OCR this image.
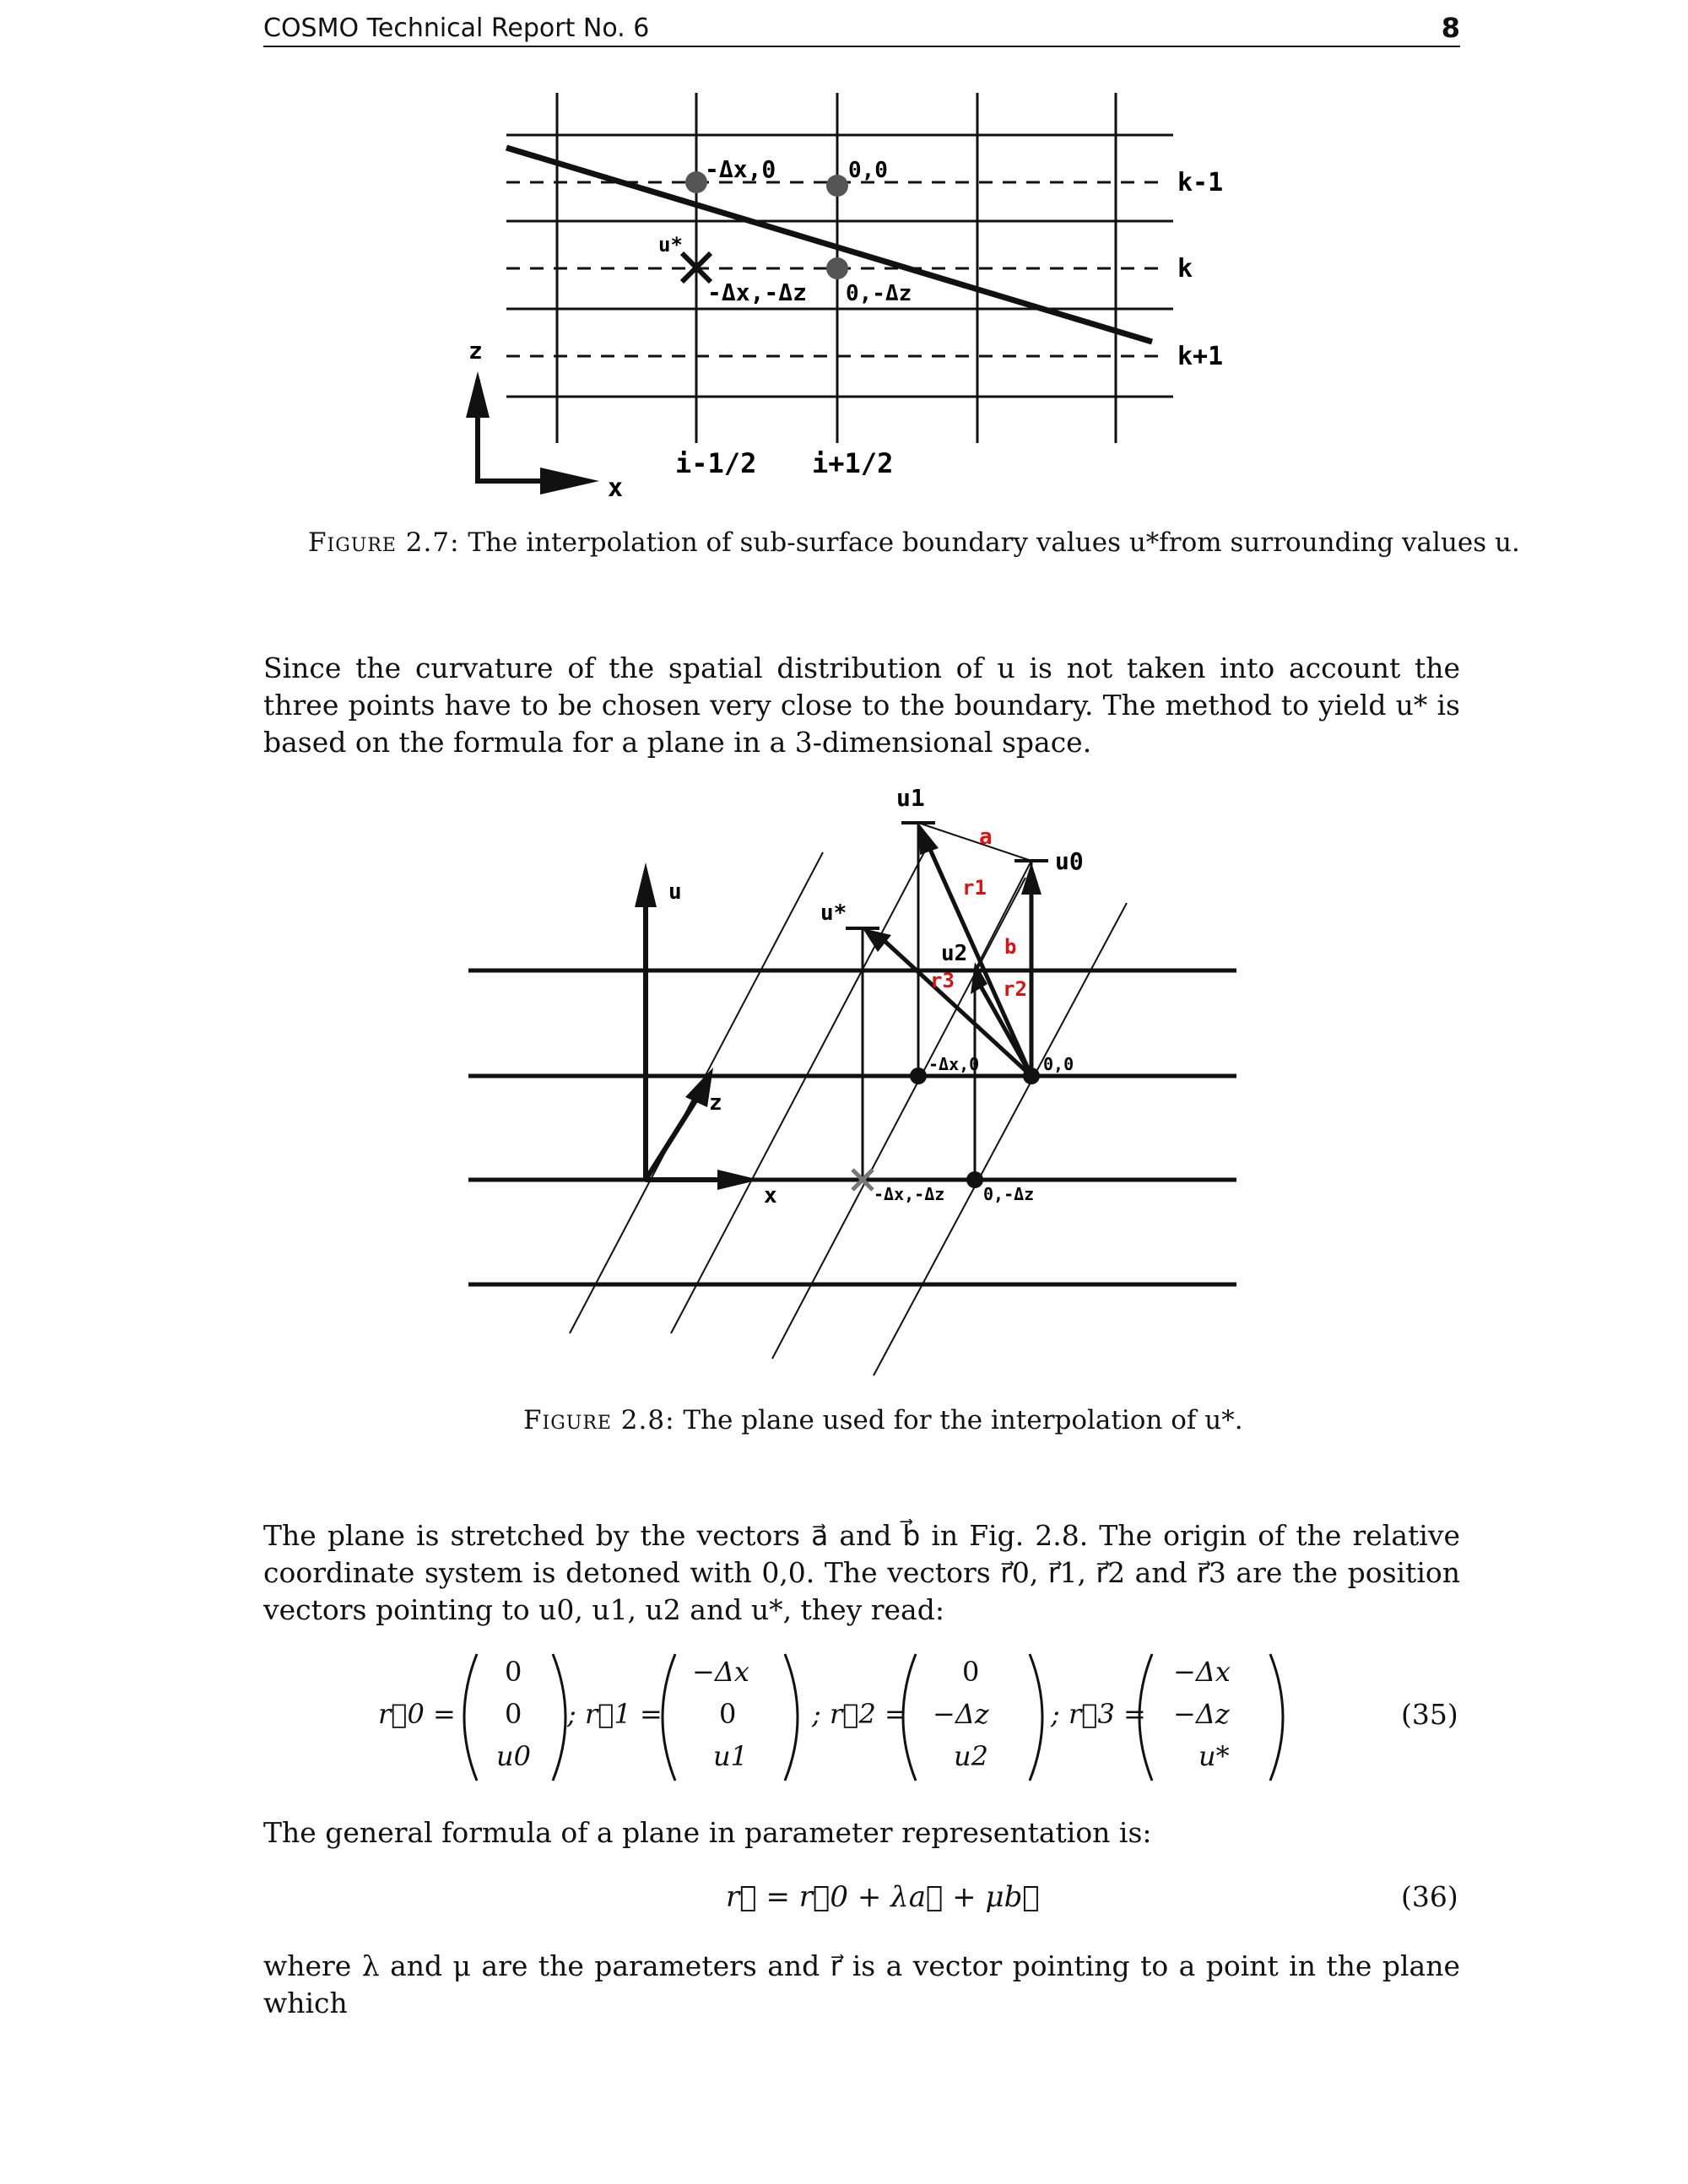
COSMO Technical Report No. 6	8
-Δx,0	0,0
-Δx,-Δz 0,-Δz
u*
k-1
k
k+1
i-1/2 i+1/2
z
x
Figure 2.7: The interpolation of sub-surface boundary values u*from surrounding values u.
Since the curvature of the spatial distribution of u is not taken into account the three points have to be chosen very close to the boundary. The method to yield u* is based on the formula for a plane in a 3-dimensional space.
u
z
x
u1
u0
u2
u*
a
b
r1
r2
r3
-Δx,0	0,0
-Δx,-Δz 0,-Δz
Figure 2.8: The plane used for the interpolation of u*.
The plane is stretched by the vectors a⃗ and b⃗ in Fig. 2.8. The origin of the relative coordinate system is detoned with 0,0. The vectors r⃗0, r⃗1, r⃗2 and r⃗3 are the position vectors pointing to u0, u1, u2 and u*, they read:
r⃗0 =
0
0
u0
; r⃗1 =
−Δx
0
u1
; r⃗2 =
0
−Δz
u2
; r⃗3 =
−Δx
−Δz
u*
(35)
The general formula of a plane in parameter representation is:
r⃗ = r⃗0 + λa⃗ + μb⃗	(36)
where λ and μ are the parameters and r⃗ is a vector pointing to a point in the plane which
